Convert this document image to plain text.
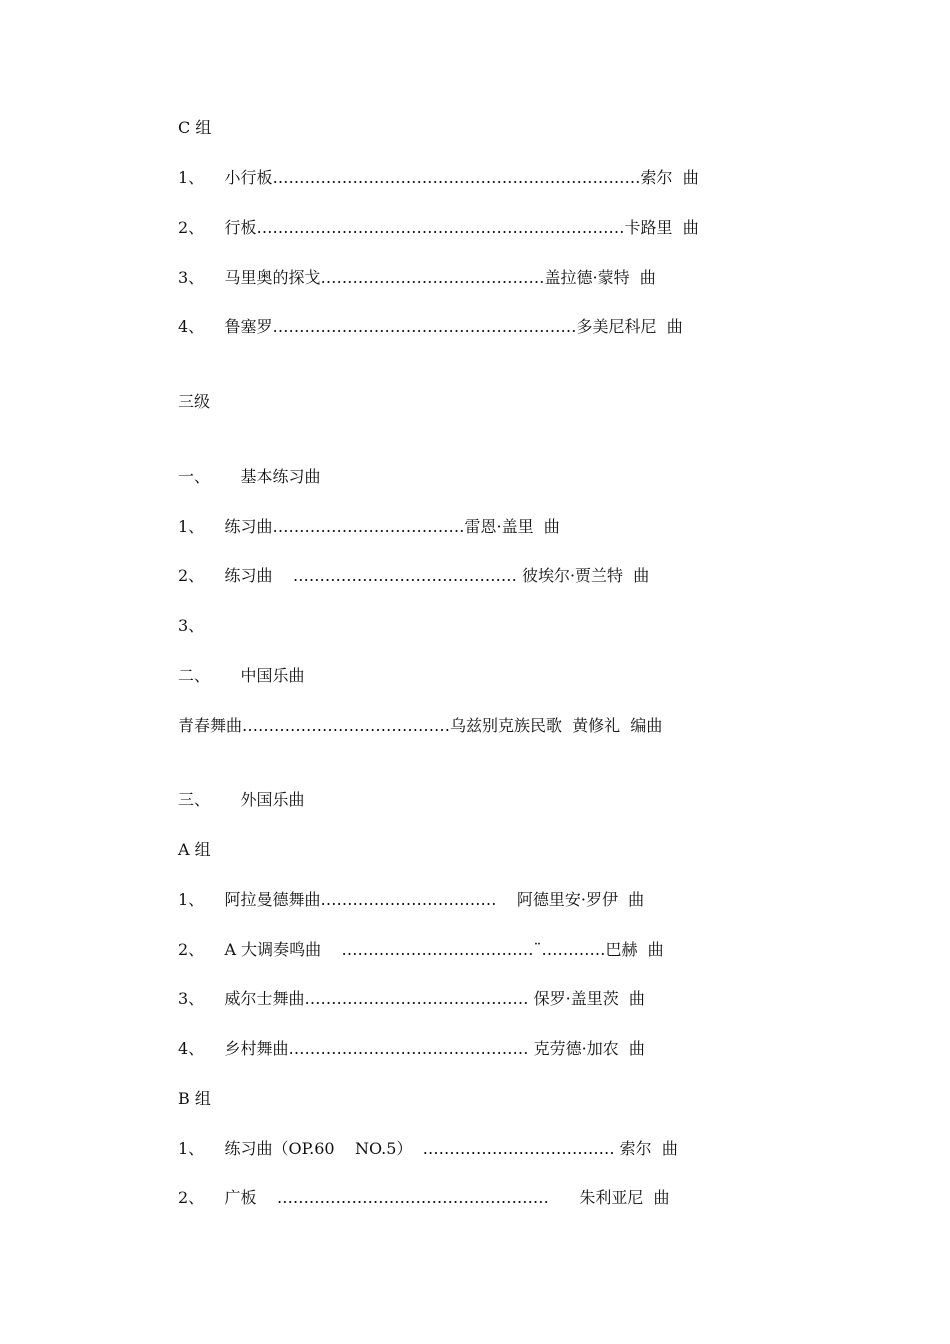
C 组
1、    小行板……………………………………………………………索尔  曲
2、    行板……………………………………………………………卡路里  曲
3、    马里奥的探戈……………………………………盖拉德·蒙特  曲
4、    鲁塞罗…………………………………………………多美尼科尼  曲
三级
一、      基本练习曲
1、    练习曲………………………………雷恩·盖里  曲
2、    练习曲    …………………………………… 彼埃尔·贾兰特  曲
3、
二、      中国乐曲
青春舞曲…………………………………乌兹别克族民歌  黄修礼  编曲
三、      外国乐曲
A 组
1、    阿拉曼德舞曲……………………………    阿德里安·罗伊  曲
2、    A 大调奏鸣曲    ………………………………¨…………巴赫  曲
3、    威尔士舞曲…………………………………… 保罗·盖里茨  曲
4、    乡村舞曲……………………………………… 克劳德·加农  曲
B 组
1、    练习曲（OP.60    NO.5）  ……………………………… 索尔  曲
2、    广板    ……………………………………………      朱利亚尼  曲
